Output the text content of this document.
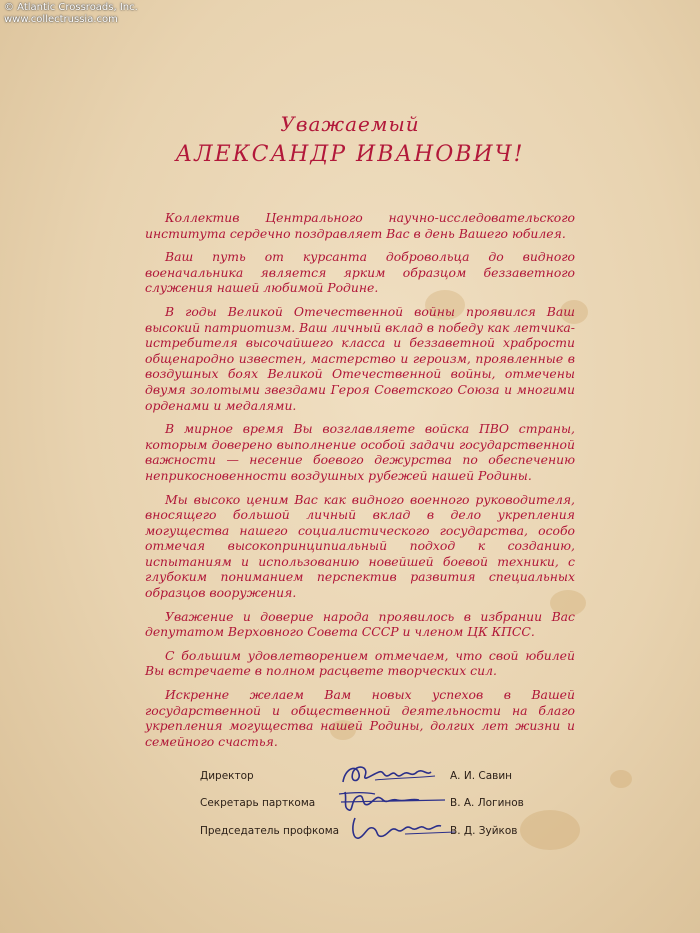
© Atlantic Crossroads, Inc.
www.collectrussia.com
Уважаемый
АЛЕКСАНДР ИВАНОВИЧ!

Коллектив Центрального научно-исследовательского института сердечно поздравляет Вас в день Вашего юбилея.

Ваш путь от курсанта добровольца до видного военачальника является ярким образцом беззаветного служения нашей любимой Родине.

В годы Великой Отечественной войны проявился Ваш высокий патриотизм. Ваш личный вклад в победу как летчика-истребителя высочайшего класса и беззаветной храбрости общенародно известен, мастерство и героизм, проявленные в воздушных боях Великой Отечественной войны, отмечены двумя золотыми звездами Героя Советского Союза и многими орденами и медалями.

В мирное время Вы возглавляете войска ПВО страны, которым доверено выполнение особой задачи государственной важности — несение боевого дежурства по обеспечению неприкосновенности воздушных рубежей нашей Родины.

Мы высоко ценим Вас как видного военного руководителя, вносящего большой личный вклад в дело укрепления могущества нашего социалистического государства, особо отмечая высокопринципиальный подход к созданию, испытаниям и использованию новейшей боевой техники, с глубоким пониманием перспектив развития специальных образцов вооружения.

Уважение и доверие народа проявилось в избрании Вас депутатом Верховного Совета СССР и членом ЦК КПСС.

С большим удовлетворением отмечаем, что свой юбилей Вы встречаете в полном расцвете творческих сил.

Искренне желаем Вам новых успехов в Вашей государственной и общественной деятельности на благо укрепления могущества нашей Родины, долгих лет жизни и семейного счастья.

Директор	А. И. Савин
Секретарь парткома	В. А. Логинов
Председатель профкома	В. Д. Зуйков
